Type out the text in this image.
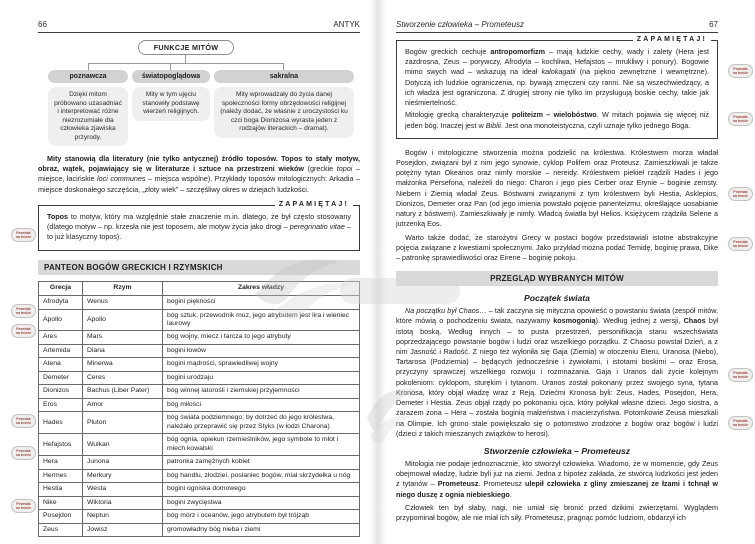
66	ANTYK
FUNKCJE MITÓW
poznawcza	światopoglądowa	sakralna
Dzięki mitom próbowano uzasadniać i interpretować różne niezrozumiałe dla człowieka zjawiska przyrody.
Mity w tym ujęciu stanowiły podstawę wierzeń religijnych.
Mity wprowadzały do życia danej społeczności formy obrzędowości religijnej (należy dodać, że właśnie z uroczystości ku czci boga Dionizosa wyrasta jeden z rodzajów literackich – dramat).

Mity stanowią dla literatury (nie tylko antycznej) źródło toposów. Topos to stały motyw, obraz, wątek, pojawiający się w literaturze i sztuce na przestrzeni wieków (greckie topoi – miejsce, łacińskie loci communes – miejsca wspólne). Przykłady toposów mitologicznych: Arkadia – miejsce doskonałego szczęścia, „złoty wiek” – szczęśliwy okres w dziejach ludzkości.

ZAPAMIĘTAJ!

Topos to motyw, który ma względnie stałe znaczenie m.in. dlatego, że był często stosowany (dlatego motyw – np. krzesła nie jest toposem, ale motyw życia jako drogi – peregrinatio vitae – to już klasyczny topos).

PANTEON BOGÓW GRECKICH I RZYMSKICH
Grecja	Rzym	Zakres władzy
Afrodyta	Wenus	bogini piękności
Apollo	Apollo	bóg sztuk, przewodnik muz, jego atrybutem jest lira i wieniec laurowy
Ares	Mars	bóg wojny, miecz i tarcza to jego atrybuty
Artemida	Diana	bogini łowów
Atena	Minerwa	bogini mądrości, sprawiedliwej wojny
Demeter	Ceres	bogini urodzaju
Dionizos	Bachus (Liber Pater)	bóg winnej latorośli i ziemskiej przyjemności
Eros	Amor	bóg miłości
Hades	Pluton	bóg świata podziemnego; by dotrzeć do jego królestwa, należało przeprawić się przez Styks (w łodzi Charona)
Hefajstos	Wulkan	bóg ognia, opiekun rzemieślników, jego symbole to młot i miech kowalski
Hera	Junona	patronka zamężnych kobiet
Hermes	Merkury	bóg handlu, złodziei, posłaniec bogów, miał skrzydełka u nóg
Hestia	Westa	bogini ogniska domowego
Nike	Wiktoria	bogini zwycięstwa
Posejdon	Neptun	bóg mórz i oceanów, jego atrybutem był trójząb
Zeus	Jowisz	gromowładny bóg nieba i ziemi
Stworzenie człowieka – Prometeusz	67
ZAPAMIĘTAJ!

Bogów greckich cechuje antropomorfizm – mają ludzkie cechy, wady i zalety (Hera jest zazdrosna, Zeus – porywczy, Afrodyta – kochliwa, Hefajstos – mrukliwy i ponury). Bogowie mimo swych wad – wskazują na ideał kalokagatii (na piękno zewnętrzne i wewnętrzne). Dotyczą ich ludzkie ograniczenia, np. bywają zmęczeni czy ranni. Nie są wszechwiedzący, a ich władza jest ograniczona. Z drugiej strony nie tylko im przysługują boskie cechy, takie jak nieśmiertelność.

Mitologię grecką charakteryzuje politeizm – wielobóstwo. W mitach pojawia się więcej niż jeden bóg. Inaczej jest w Biblii. Jest ona monoteistyczna, czyli uznaje tylko jednego Boga.

Bogów i mitologiczne stworzenia można podzielić na królestwa. Królestwem morza władał Posejdon, związani był z nim jego synowie, cyklop Polifem oraz Proteusz. Zamieszkiwali je także potężny tytan Okeanos oraz nimfy morskie – nereidy. Królestwem piekieł rządzili Hades i jego małżonka Persefona, należeli do niego: Charon i jego pies Cerber oraz Erynie – boginie zemsty. Niebem i Ziemią władał Zeus. Bóstwami związanymi z tym królestwem byli Hestia, Asklepios, Dionizos, Demeter oraz Pan (od jego imienia powstało pojęcie panenteizmu, określające uosabianie natury z bóstwem). Zamieszkiwały je nimfy. Władcą światła był Helios. Księżycem rządziła Selene a jutrzenką Eos.

Warto także dodać, że starożytni Grecy w postaci bogów przedstawiali istotne abstrakcyjne pojęcia związane z kwestiami społecznymi. Jako przykład można podać Temidę, boginię prawa, Dike – patronkę sprawiedliwości oraz Eirene – boginię pokoju.

PRZEGLĄD WYBRANYCH MITÓW
Początek świata

Na początku był Chaos… – tak zaczyna się mityczna opowieść o powstaniu świata (zespół mitów, które mówią o pochodzeniu świata, nazywamy kosmogonią). Według jednej z wersji, Chaos był istotą boską. Według innych – to pusta przestrzeń, personifikacja stanu wszechświata poprzedzającego powstanie bogów i ludzi oraz wszelkiego porządku. Z Chaosu powstał Dzień, a z nim Jasność i Radość. Z niego też wyłoniła się Gaja (Ziemia) w otoczeniu Eteru, Uranosa (Niebo), Tartarosa (Podziemia) – będących jednocześnie i żywiołami, i istotami boskimi – oraz Erosa, przyczyny sprawczej wszelkiego rozwoju i rozmnażania. Gaja i Uranos dali życie kolejnym pokoleniom: cyklopom, sturękim i tytanom. Uranos został pokonany przez swojego syna, tytana Kronosa, który objął władzę wraz z Reją. Dziećmi Kronosa byli: Zeus, Hades, Posejdon, Hera, Demeter i Hestia. Zeus objął rządy po pokonaniu ojca, który połykał własne dzieci. Jego siostra, a zarazem żona – Hera – została boginią małżeństwa i macierzyństwa. Potomkowie Zeusa mieszkali na Olimpie. Ich grono stale powiększało się o potomstwo zrodzone z bogów oraz bogów i ludzi (dzieci z takich mieszanych związków to herosi).

Stworzenie człowieka – Prometeusz

Mitologia nie podaje jednoznacznie, kto stworzył człowieka. Wiadomo, że w momencie, gdy Zeus obejmował władzę, ludzie byli już na ziemi. Jedna z hipotez zakłada, że stwórcą ludzkości jest jeden z tytanów – Prometeusz. Prometeusz ulepił człowieka z gliny zmieszanej ze łzami i tchnął w niego duszę z ognia niebieskiego.

Człowiek ten był słaby, nagi, nie umiał się bronić przed dzikimi zwierzętami. Wyglądem przypominał bogów, ale nie miał ich siły. Prometeusz, pragnąc pomóc ludziom, obdarzył ich

Pewniak
na teście
Pewniak
na teście
Pewniak
na teście
Pewniak
na teście
Pewniak
na teście
Pewniak
na teście
Pewniak
na teście
Pewniak
na teście
Pewniak
na teście
Pewniak
na teście
Pewniak
na teście
Pewniak
na teście
